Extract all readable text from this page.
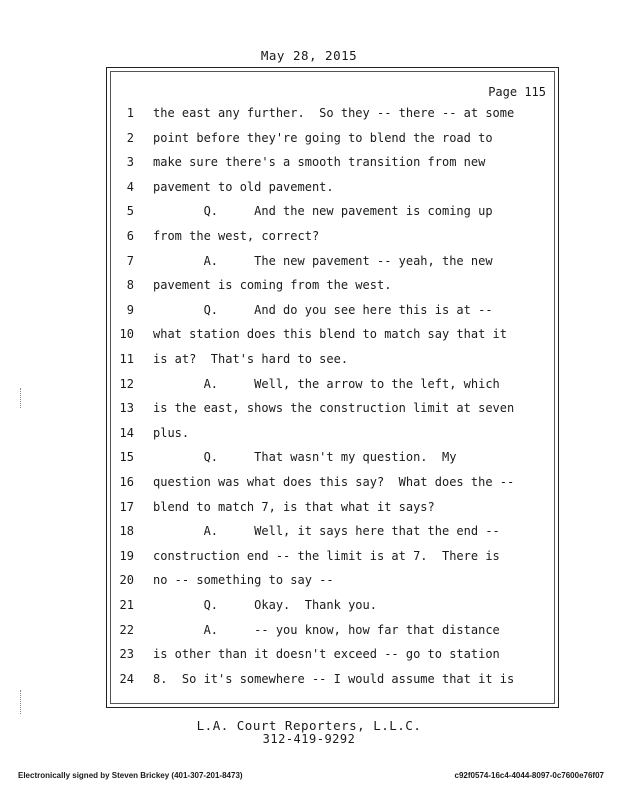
May 28, 2015
Page 115
1 the east any further.  So they -- there -- at some
2 point before they're going to blend the road to
3 make sure there's a smooth transition from new
4 pavement to old pavement.
5 Q.     And the new pavement is coming up
6 from the west, correct?
7 A.     The new pavement -- yeah, the new
8 pavement is coming from the west.
9 Q.     And do you see here this is at --
10 what station does this blend to match say that it
11 is at?  That's hard to see.
12 A.     Well, the arrow to the left, which
13 is the east, shows the construction limit at seven
14 plus.
15 Q.     That wasn't my question.  My
16 question was what does this say?  What does the --
17 blend to match 7, is that what it says?
18 A.     Well, it says here that the end --
19 construction end -- the limit is at 7.  There is
20 no -- something to say --
21 Q.     Okay.  Thank you.
22 A.     -- you know, how far that distance
23 is other than it doesn't exceed -- go to station
24 8.  So it's somewhere -- I would assume that it is
L.A. Court Reporters, L.L.C.
312-419-9292
Electronically signed by Steven Brickey (401-307-201-8473)	c92f0574-16c4-4044-8097-0c7600e76f07
